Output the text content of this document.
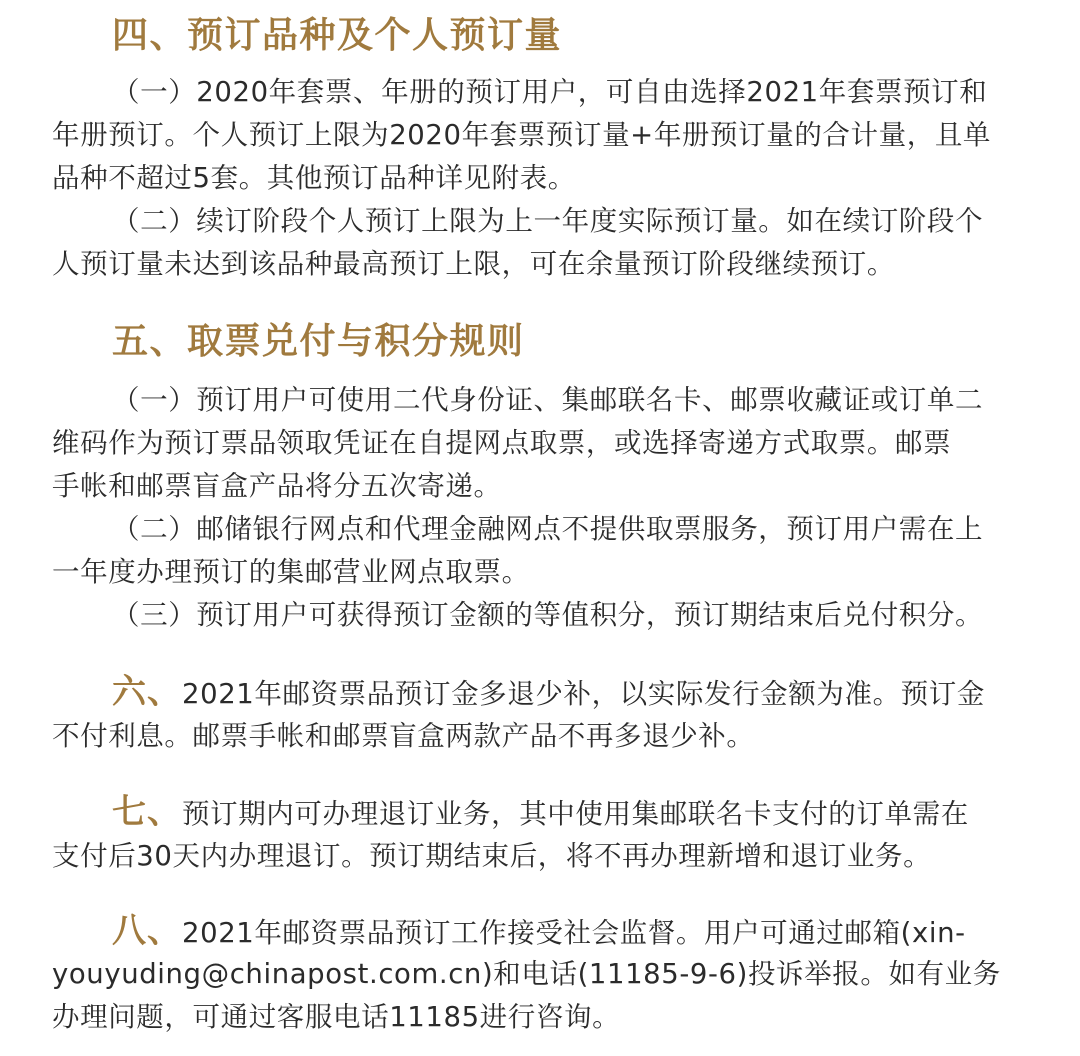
四、预订品种及个人预订量
（一）2020年套票、年册的预订用户，可自由选择2021年套票预订和
年册预订。个人预订上限为2020年套票预订量+年册预订量的合计量，且单
品种不超过5套。其他预订品种详见附表。
（二）续订阶段个人预订上限为上一年度实际预订量。如在续订阶段个
人预订量未达到该品种最高预订上限，可在余量预订阶段继续预订。
五、取票兑付与积分规则
（一）预订用户可使用二代身份证、集邮联名卡、邮票收藏证或订单二
维码作为预订票品领取凭证在自提网点取票，或选择寄递方式取票。邮票
手帐和邮票盲盒产品将分五次寄递。
（二）邮储银行网点和代理金融网点不提供取票服务，预订用户需在上
一年度办理预订的集邮营业网点取票。
（三）预订用户可获得预订金额的等值积分，预订期结束后兑付积分。
六、2021年邮资票品预订金多退少补，以实际发行金额为准。预订金
不付利息。邮票手帐和邮票盲盒两款产品不再多退少补。
七、预订期内可办理退订业务，其中使用集邮联名卡支付的订单需在
支付后30天内办理退订。预订期结束后，将不再办理新增和退订业务。
八、2021年邮资票品预订工作接受社会监督。用户可通过邮箱(xin-
youyuding@chinapost.com.cn)和电话(11185-9-6)投诉举报。如有业务
办理问题，可通过客服电话11185进行咨询。
